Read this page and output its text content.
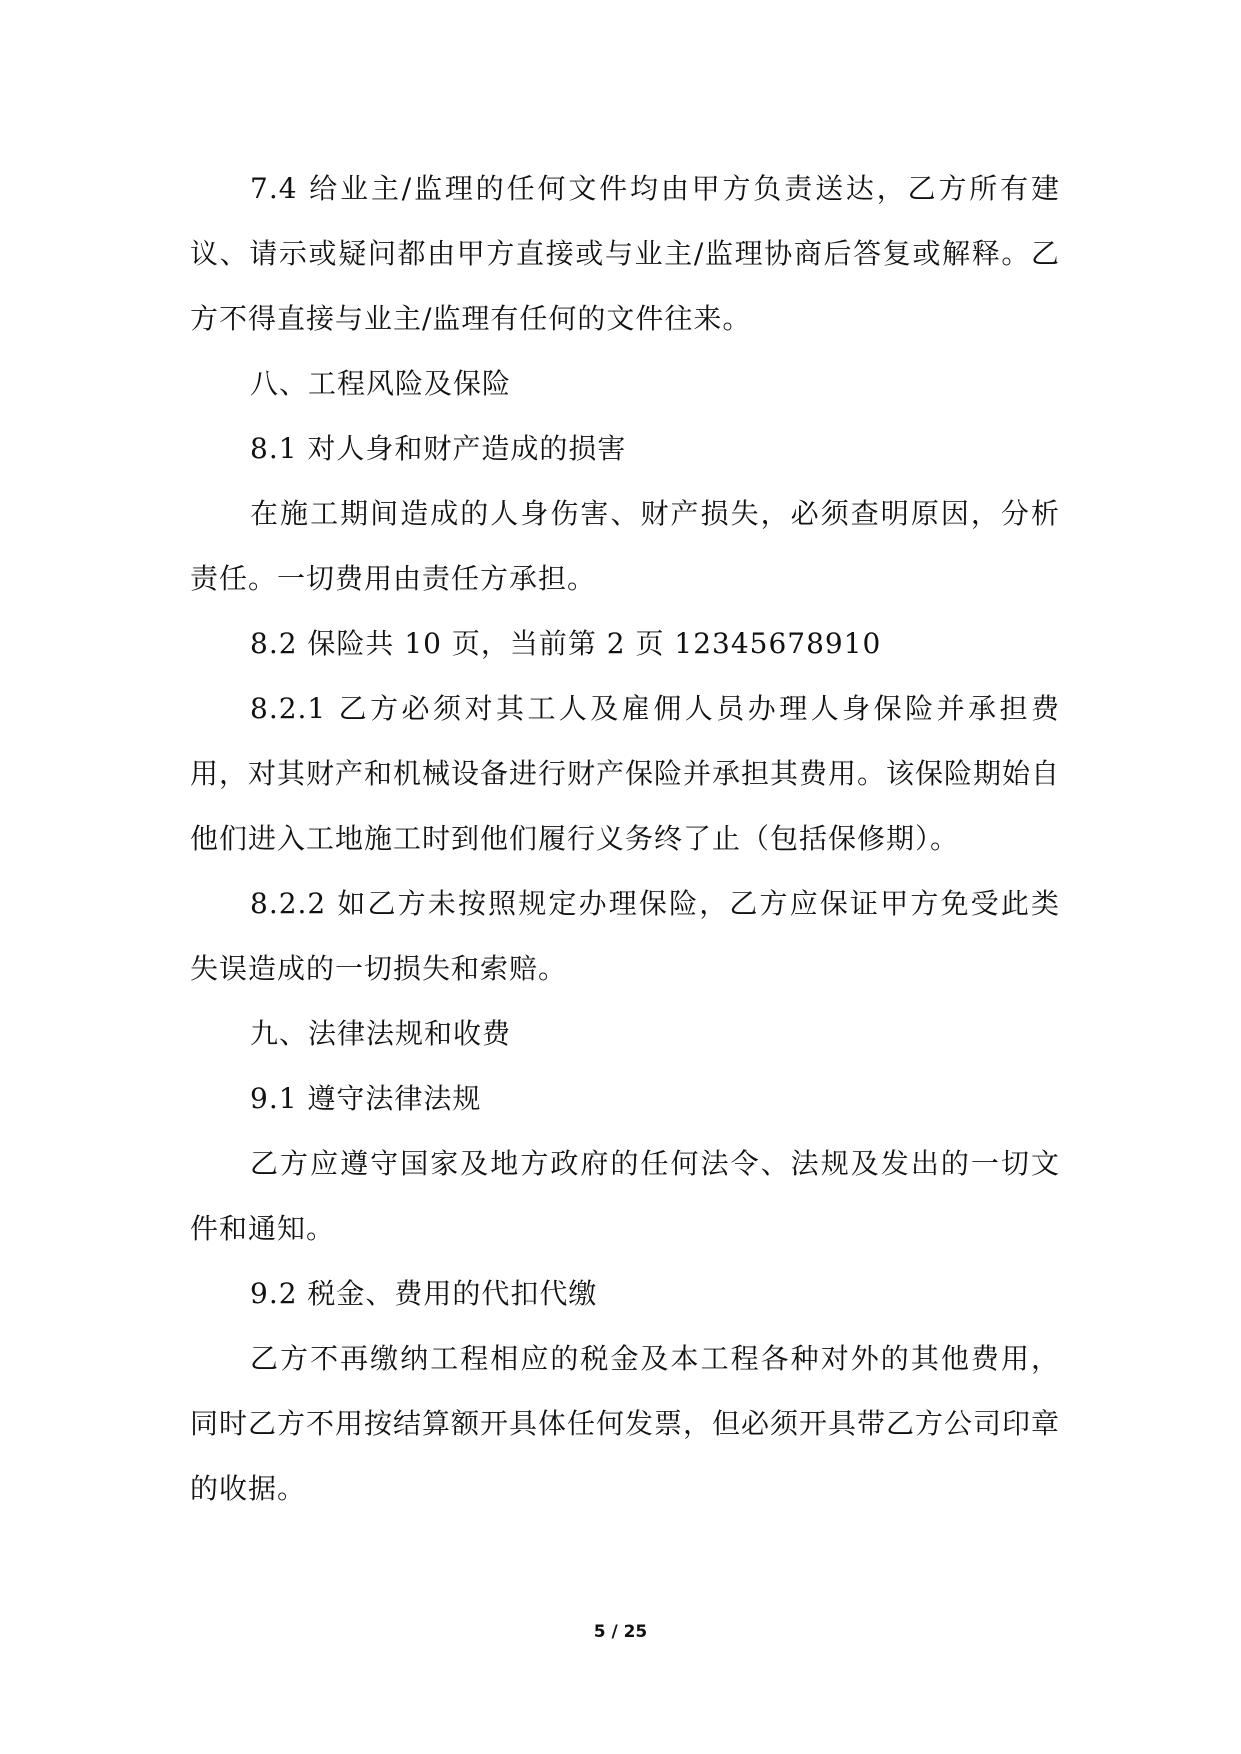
7.4 给业主/监理的任何文件均由甲方负责送达，乙方所有建议、请示或疑问都由甲方直接或与业主/监理协商后答复或解释。乙方不得直接与业主/监理有任何的文件往来。

八、工程风险及保险

8.1 对人身和财产造成的损害

在施工期间造成的人身伤害、财产损失，必须查明原因，分析责任。一切费用由责任方承担。

8.2 保险共 10 页，当前第 2 页 12345678910

8.2.1 乙方必须对其工人及雇佣人员办理人身保险并承担费用，对其财产和机械设备进行财产保险并承担其费用。该保险期始自他们进入工地施工时到他们履行义务终了止（包括保修期）。

8.2.2 如乙方未按照规定办理保险，乙方应保证甲方免受此类失误造成的一切损失和索赔。

九、法律法规和收费

9.1 遵守法律法规

乙方应遵守国家及地方政府的任何法令、法规及发出的一切文件和通知。

9.2 税金、费用的代扣代缴

乙方不再缴纳工程相应的税金及本工程各种对外的其他费用，同时乙方不用按结算额开具体任何发票，但必须开具带乙方公司印章的收据。

5 / 25
